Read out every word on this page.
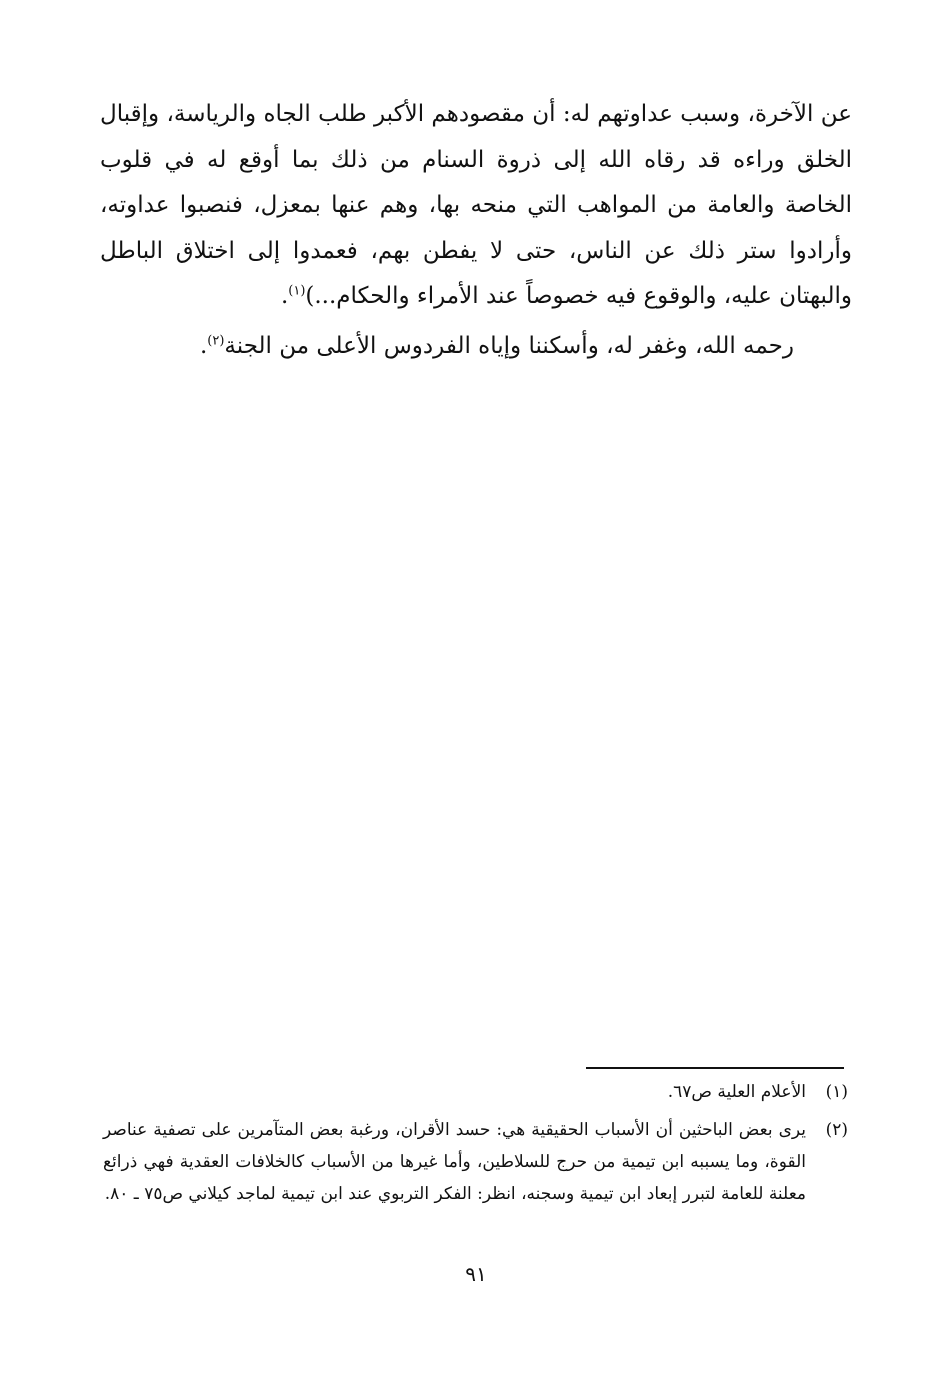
عن الآخرة، وسبب عداوتهم له: أن مقصودهم الأكبر طلب الجاه والرياسة، وإقبال الخلق وراءه قد رقاه الله إلى ذروة السنام من ذلك بما أوقع له في قلوب الخاصة والعامة من المواهب التي منحه بها، وهم عنها بمعزل، فنصبوا عداوته، وأرادوا ستر ذلك عن الناس، حتى لا يفطن بهم، فعمدوا إلى اختلاق الباطل والبهتان عليه، والوقوع فيه خصوصاً عند الأمراء والحكام...)$^{(١)}$.

رحمه الله، وغفر له، وأسكننا وإياه الفردوس الأعلى من الجنة$^{(٢)}$.

(١)
الأعلام العلية ص٦٧.
(٢)
يرى بعض الباحثين أن الأسباب الحقيقية هي: حسد الأقران، ورغبة بعض المتآمرين على تصفية عناصر القوة، وما يسببه ابن تيمية من حرج للسلاطين، وأما غيرها من الأسباب كالخلافات العقدية فهي ذرائع معلنة للعامة لتبرر إبعاد ابن تيمية وسجنه، انظر: الفكر التربوي عند ابن تيمية لماجد كيلاني ص٧٥ ـ ٨٠.
٩١
